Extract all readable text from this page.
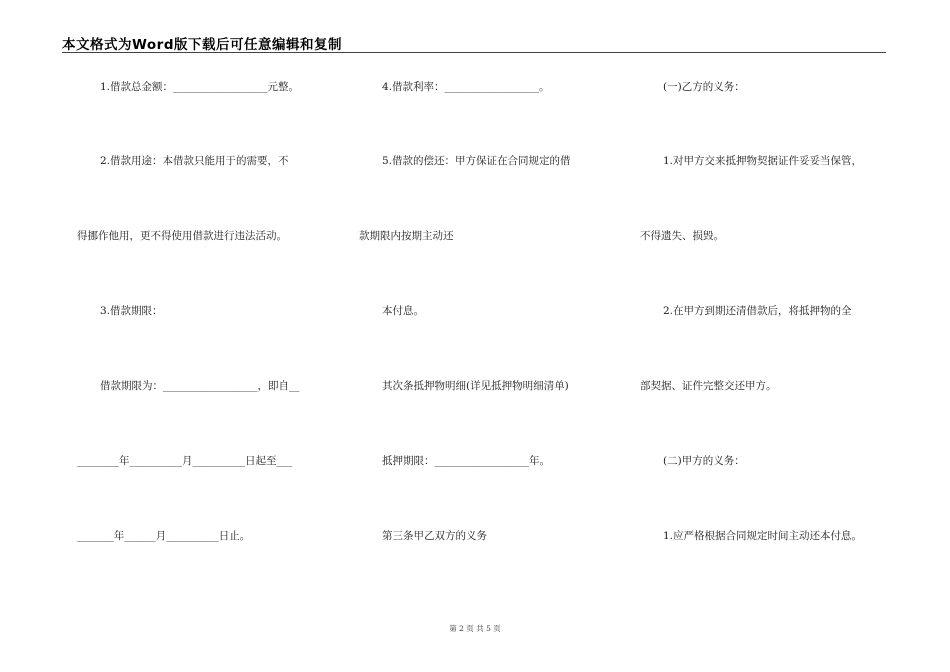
本文格式为Word版下载后可任意编辑和复制
1.借款总金额：__________________元整。
2.借款用途：本借款只能用于的需要，不
得挪作他用，更不得使用借款进行违法活动。
3.借款期限：
借款期限为：__________________，即自__
________年__________月__________日起至___
_______年______月__________日止。
4.借款利率：__________________。
5.借款的偿还：甲方保证在合同规定的借
款期限内按期主动还
本付息。
其次条抵押物明细(详见抵押物明细清单)
抵押期限：__________________年。
第三条甲乙双方的义务
(一)乙方的义务：
1.对甲方交来抵押物契据证件妥妥当保管，
不得遗失、损毁。
2.在甲方到期还清借款后，将抵押物的全
部契据、证件完整交还甲方。
(二)甲方的义务：
1.应严格根据合同规定时间主动还本付息。
第 2 页 共 5 页
